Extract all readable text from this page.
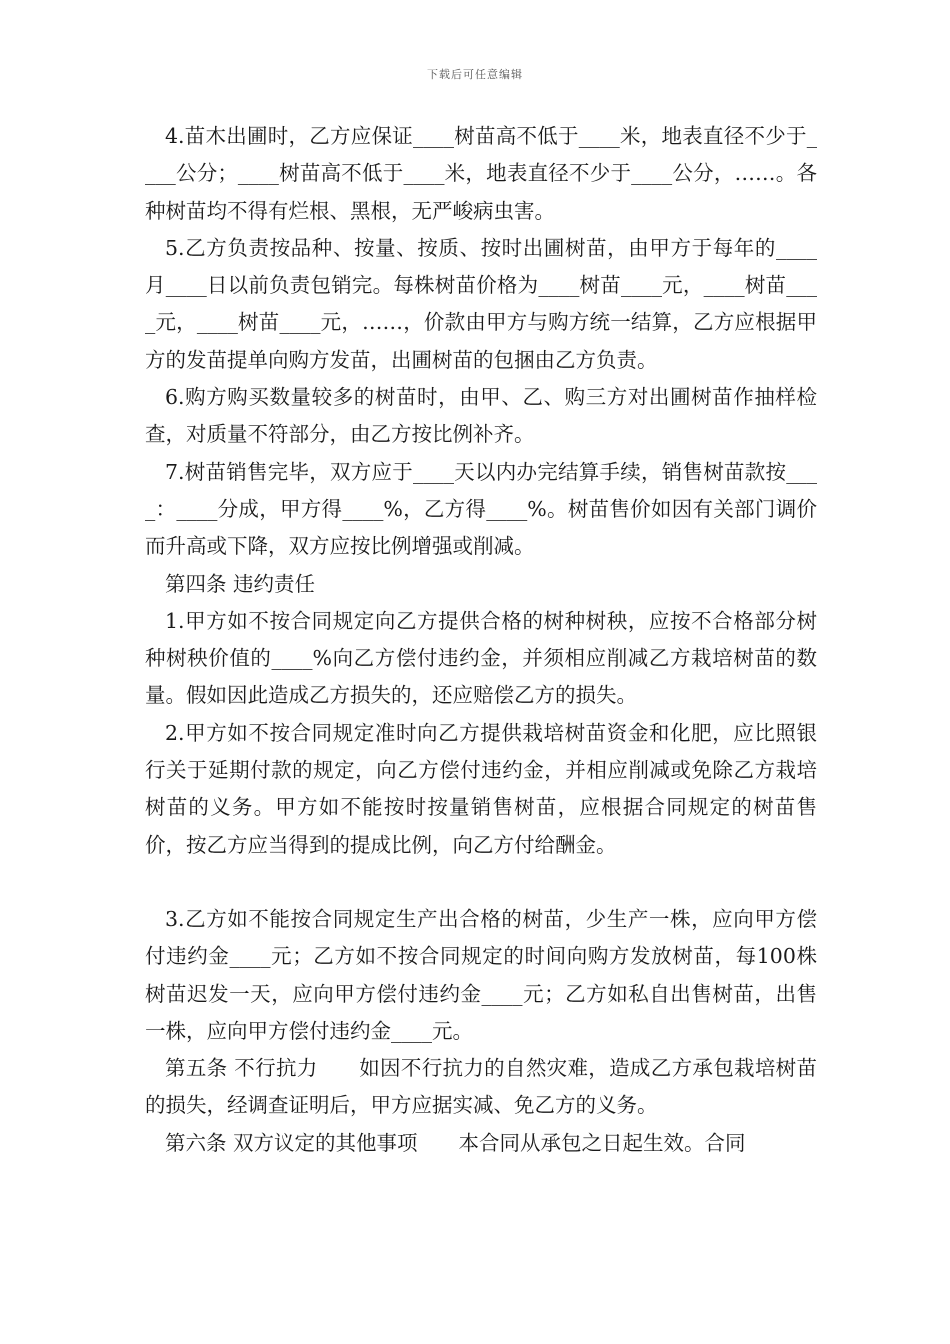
下载后可任意编辑

4.苗木出圃时，乙方应保证____树苗高不低于____米，地表直径不少于____公分；____树苗高不低于____米，地表直径不少于____公分，……。各种树苗均不得有烂根、黑根，无严峻病虫害。

5.乙方负责按品种、按量、按质、按时出圃树苗，由甲方于每年的____月____日以前负责包销完。每株树苗价格为____树苗____元，____树苗____元，____树苗____元，……，价款由甲方与购方统一结算，乙方应根据甲方的发苗提单向购方发苗，出圃树苗的包捆由乙方负责。

6.购方购买数量较多的树苗时，由甲、乙、购三方对出圃树苗作抽样检查，对质量不符部分，由乙方按比例补齐。

7.树苗销售完毕，双方应于____天以内办完结算手续，销售树苗款按____：____分成，甲方得____%，乙方得____%。树苗售价如因有关部门调价而升高或下降，双方应按比例增强或削减。

第四条 违约责任

1.甲方如不按合同规定向乙方提供合格的树种树秧，应按不合格部分树种树秧价值的____%向乙方偿付违约金，并须相应削减乙方栽培树苗的数量。假如因此造成乙方损失的，还应赔偿乙方的损失。

2.甲方如不按合同规定准时向乙方提供栽培树苗资金和化肥，应比照银行关于延期付款的规定，向乙方偿付违约金，并相应削减或免除乙方栽培树苗的义务。甲方如不能按时按量销售树苗，应根据合同规定的树苗售价，按乙方应当得到的提成比例，向乙方付给酬金。

3.乙方如不能按合同规定生产出合格的树苗，少生产一株，应向甲方偿付违约金____元；乙方如不按合同规定的时间向购方发放树苗，每100株树苗迟发一天，应向甲方偿付违约金____元；乙方如私自出售树苗，出售一株，应向甲方偿付违约金____元。

第五条 不行抗力　　如因不行抗力的自然灾难，造成乙方承包栽培树苗的损失，经调查证明后，甲方应据实减、免乙方的义务。

第六条 双方议定的其他事项　　本合同从承包之日起生效。合同
